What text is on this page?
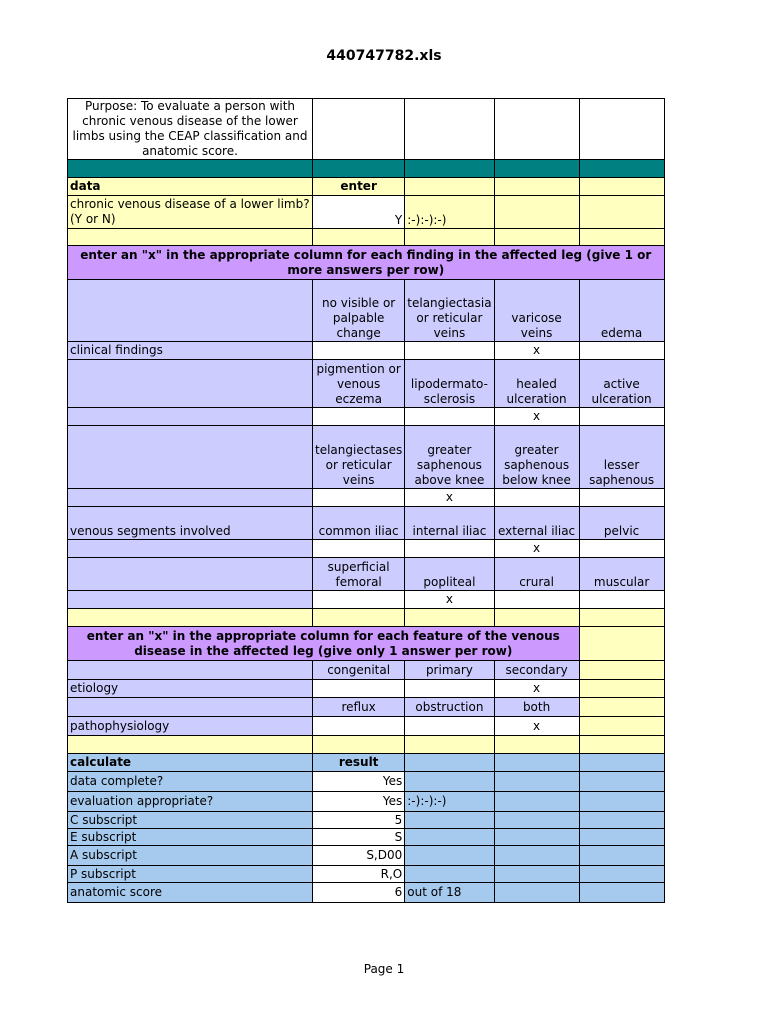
440747782.xls
Purpose: To evaluate a person with chronic venous disease of the lower limbs using the CEAP classification and anatomic score.				

data	enter			
chronic venous disease of a lower limb? (Y or N)	Y	:-):-):-)		

enter an "x" in the appropriate column for each finding in the affected leg (give 1 or more answers per row)				
	no visible or palpable change	telangiectasia or reticular veins	varicose veins	edema
clinical findings			x	
	pigmention or venous eczema	lipodermato-sclerosis	healed ulceration	active ulceration
			x	
	telangiectases or reticular veins	greater saphenous above knee	greater saphenous below knee	lesser saphenous
		x		
venous segments involved	common iliac	internal iliac	external iliac	pelvic
			x	
	superficial femoral	popliteal	crural	muscular
		x		

enter an "x" in the appropriate column for each feature of the venous disease in the affected leg (give only 1 answer per row)				
	congenital	primary	secondary	
etiology			x	
	reflux	obstruction	both	
pathophysiology			x	

calculate	result			
data complete?	Yes			
evaluation appropriate?	Yes	:-):-):-)		
C subscript	5			
E subscript	S			
A subscript	S,D00			
P subscript	R,O			
anatomic score	6	out of 18		
Page 1
